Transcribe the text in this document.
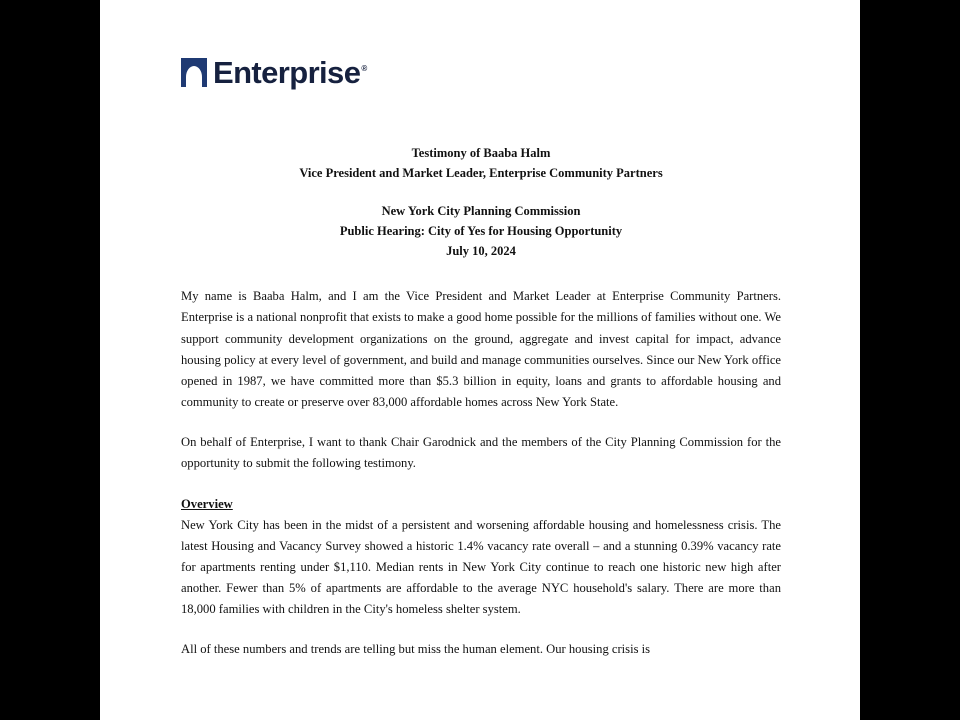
Enterprise®

Testimony of Baaba Halm

Vice President and Market Leader, Enterprise Community Partners

New York City Planning Commission

Public Hearing: City of Yes for Housing Opportunity

July 10, 2024

My name is Baaba Halm, and I am the Vice President and Market Leader at Enterprise Community Partners. Enterprise is a national nonprofit that exists to make a good home possible for the millions of families without one. We support community development organizations on the ground, aggregate and invest capital for impact, advance housing policy at every level of government, and build and manage communities ourselves. Since our New York office opened in 1987, we have committed more than $5.3 billion in equity, loans and grants to affordable housing and community to create or preserve over 83,000 affordable homes across New York State.

On behalf of Enterprise, I want to thank Chair Garodnick and the members of the City Planning Commission for the opportunity to submit the following testimony.

Overview

New York City has been in the midst of a persistent and worsening affordable housing and homelessness crisis. The latest Housing and Vacancy Survey showed a historic 1.4% vacancy rate overall – and a stunning 0.39% vacancy rate for apartments renting under $1,110. Median rents in New York City continue to reach one historic new high after another. Fewer than 5% of apartments are affordable to the average NYC household's salary. There are more than 18,000 families with children in the City's homeless shelter system.

All of these numbers and trends are telling but miss the human element. Our housing crisis is
